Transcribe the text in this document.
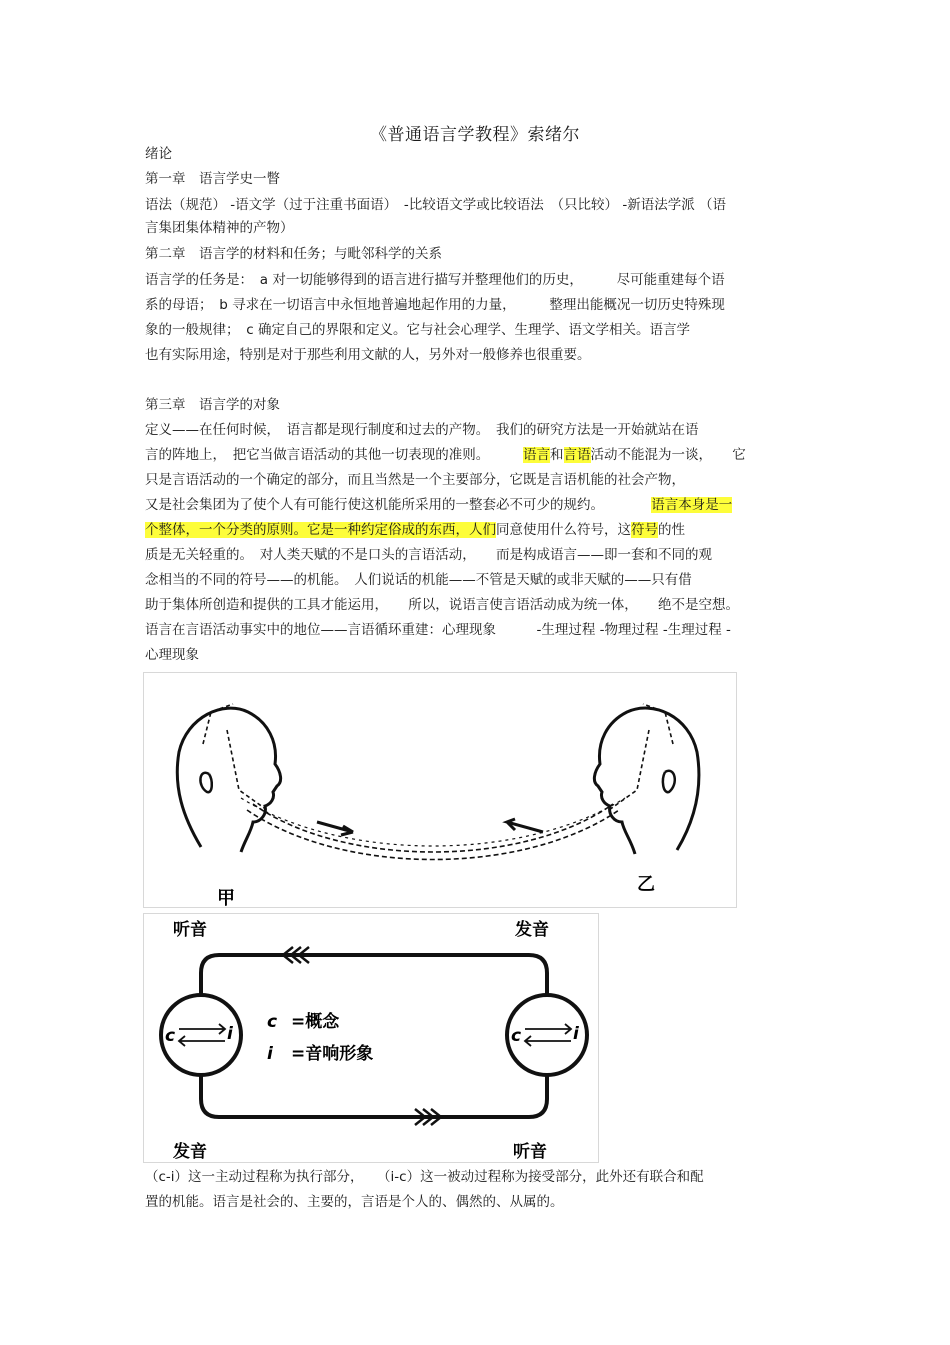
《普通语言学教程》索绪尔
绪论
第一章　语言学史一瞥
语法（规范） -语文学（过于注重书面语）　-比较语文学或比较语法　（只比较） -新语法学派 （语
言集团集体精神的产物）
第二章　语言学的材料和任务；与毗邻科学的关系
语言学的任务是：　a 对一切能够得到的语言进行描写并整理他们的历史，　　　尽可能重建每个语
系的母语；　b 寻求在一切语言中永恒地普遍地起作用的力量，　　　整理出能概况一切历史特殊现
象的一般规律；　c 确定自己的界限和定义。它与社会心理学、生理学、语文学相关。语言学
也有实际用途，特别是对于那些利用文献的人，另外对一般修养也很重要。
第三章　语言学的对象
定义——在任何时候，　语言都是现行制度和过去的产物。　我们的研究方法是一开始就站在语
言的阵地上，　把它当做言语活动的其他一切表现的准则。　　　语言和言语活动不能混为一谈，　　它
只是言语活动的一个确定的部分，而且当然是一个主要部分，它既是言语机能的社会产物，
又是社会集团为了使个人有可能行使这机能所采用的一整套必不可少的规约。　　　　语言本身是一
个整体，一个分类的原则。它是一种约定俗成的东西，人们同意使用什么符号，这符号的性
质是无关轻重的。　对人类天赋的不是口头的言语活动，　　而是构成语言——即一套和不同的观
念相当的不同的符号——的机能。　人们说话的机能——不管是天赋的或非天赋的——只有借
助于集体所创造和提供的工具才能运用，　　所以，说语言使言语活动成为统一体，　　绝不是空想。
语言在言语活动事实中的地位——言语循环重建：心理现象　　　-生理过程 -物理过程 -生理过程 -
心理现象
甲
乙
听音	发音
发音	听音
c	i	c	i
c =概念
i =音响形象
（c-i）这一主动过程称为执行部分，　　（i-c）这一被动过程称为接受部分，此外还有联合和配
置的机能。语言是社会的、主要的，言语是个人的、偶然的、从属的。
